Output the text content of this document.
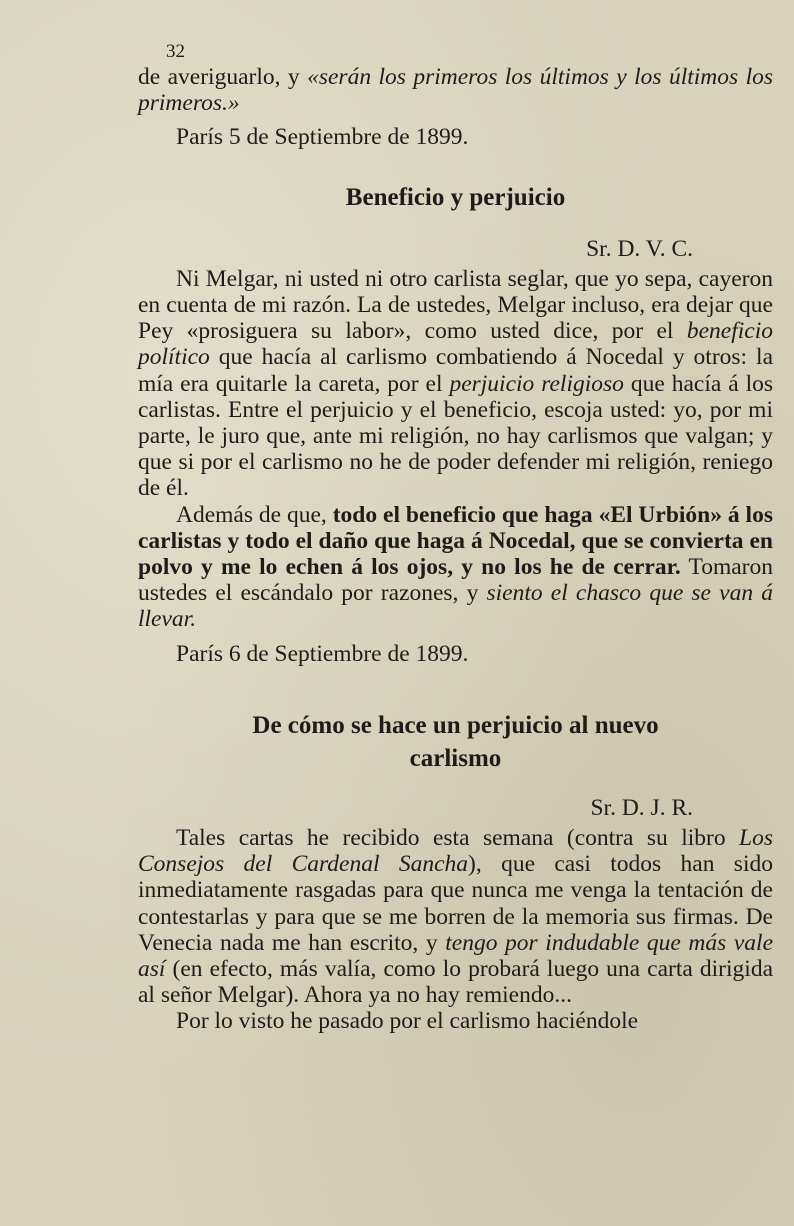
32

de averiguarlo, y «serán los primeros los últimos y los últimos los primeros.»

París 5 de Septiembre de 1899.

Beneficio y perjuicio

Sr. D. V. C.

Ni Melgar, ni usted ni otro carlista seglar, que yo sepa, cayeron en cuenta de mi razón. La de ustedes, Melgar incluso, era dejar que Pey «prosiguera su labor», como usted dice, por el beneficio político que hacía al carlismo combatiendo á Nocedal y otros: la mía era quitarle la careta, por el perjuicio religioso que hacía á los carlistas. Entre el perjuicio y el beneficio, escoja usted: yo, por mi parte, le juro que, ante mi religión, no hay carlismos que valgan; y que si por el carlismo no he de poder defender mi religión, reniego de él.

Además de que, todo el beneficio que haga «El Urbión» á los carlistas y todo el daño que haga á Nocedal, que se convierta en polvo y me lo echen á los ojos, y no los he de cerrar. Tomaron ustedes el escándalo por razones, y siento el chasco que se van á llevar.

París 6 de Septiembre de 1899.

De cómo se hace un perjuicio al nuevo
carlismo

Sr. D. J. R.

Tales cartas he recibido esta semana (contra su libro Los Consejos del Cardenal Sancha), que casi todos han sido inmediatamente rasgadas para que nunca me venga la tentación de contestarlas y para que se me borren de la memoria sus firmas. De Venecia nada me han escrito, y tengo por indudable que más vale así (en efecto, más valía, como lo probará luego una carta dirigida al señor Melgar). Ahora ya no hay remiendo...

Por lo visto he pasado por el carlismo haciéndole
